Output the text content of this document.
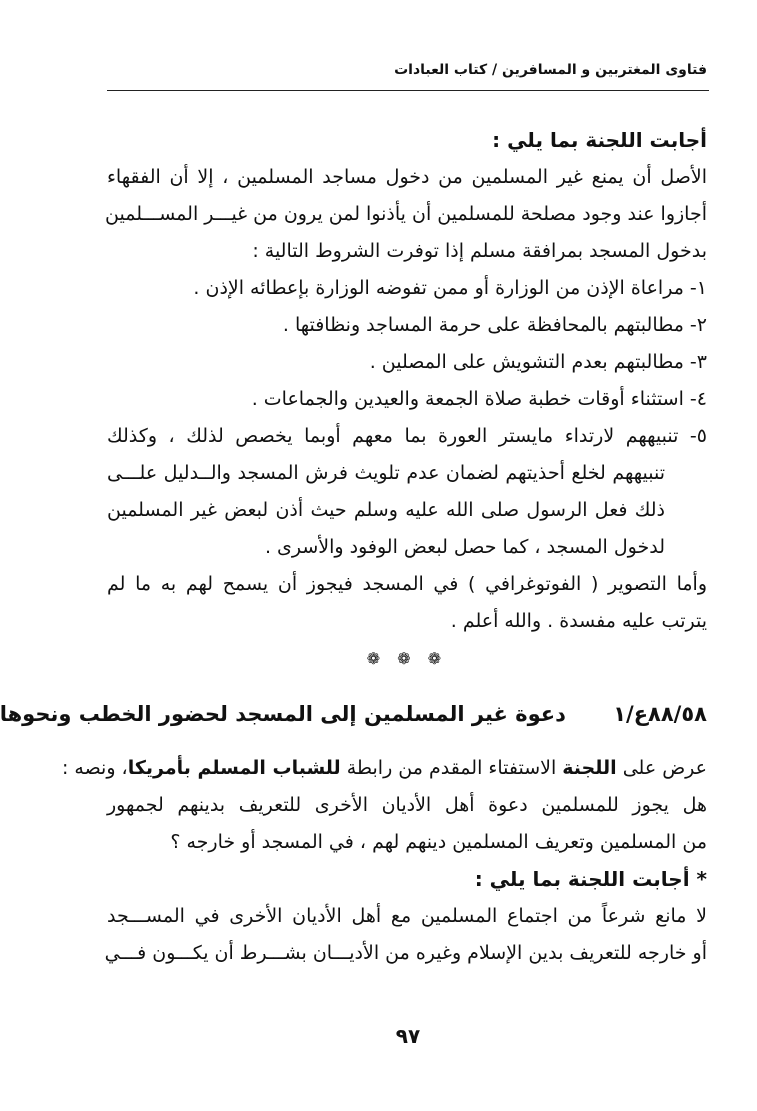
فتاوى المغتربين و المسافرين / كتاب العبادات
أجابت اللجنة بما يلي :
الأصل أن يمنع غير المسلمين من دخول مساجد المسلمين ، إلا أن الفقهاء
أجازوا عند وجود مصلحة للمسلمين أن يأذنوا لمن يرون من غيـــر المســـلمين
بدخول المسجد بمرافقة مسلم إذا توفرت الشروط التالية :
١- مراعاة الإذن من الوزارة أو ممن تفوضه الوزارة بإعطائه الإذن .
٢- مطالبتهم بالمحافظة على حرمة المساجد ونظافتها .
٣- مطالبتهم بعدم التشويش على المصلين .
٤- استثناء أوقات خطبة صلاة الجمعة والعيدين والجماعات .
٥- تنبيههم لارتداء مايستر العورة بما معهم أوبما يخصص لذلك ، وكذلك
تنبيههم لخلع أحذيتهم لضمان عدم تلويث فرش المسجد والــدليل علـــى
ذلك فعل الرسول صلى الله عليه وسلم حيث أذن لبعض غير المسلمين
لدخول المسجد ، كما حصل لبعض الوفود والأسرى .
وأما التصوير ( الفوتوغرافي ) في المسجد فيجوز أن يسمح لهم به ما لم
يترتب عليه مفسدة . والله أعلم .
❁ ❁ ❁
٨٨/٥٨ع/١ دعوة غير المسلمين إلى المسجد لحضور الخطب ونحوها
عرض على اللجنة الاستفتاء المقدم من رابطة للشباب المسلم بأمريكا، ونصه :
هل يجوز للمسلمين دعوة أهل الأديان الأخرى للتعريف بدينهم لجمهور
من المسلمين وتعريف المسلمين دينهم لهم ، في المسجد أو خارجه ؟
* أجابت اللجنة بما يلي :
لا مانع شرعاً من اجتماع المسلمين مع أهل الأديان الأخرى في المســـجد
أو خارجه للتعريف بدين الإسلام وغيره من الأديـــان بشـــرط أن يكـــون فـــي
٩٧
